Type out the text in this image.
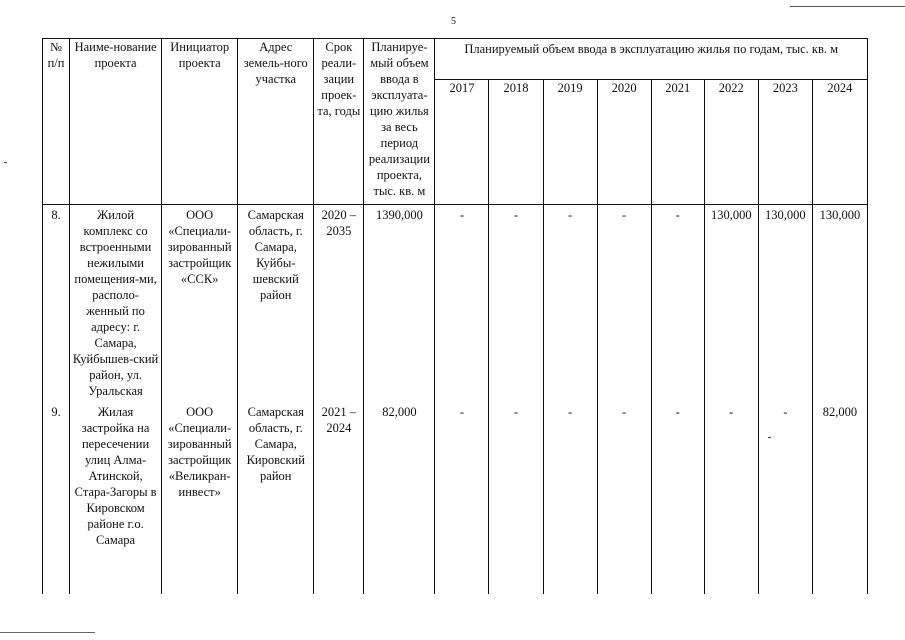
5
№ п/п	Наиме-нование проекта	Инициатор проекта	Адрес земель-ного участка	Срок реали-зации проек-та, годы	Планируе-мый объем ввода в эксплуата-цию жилья за весь период реализации проекта, тыс. кв. м	Планируемый объем ввода в эксплуатацию жилья по годам, тыс. кв. м							
						2017	2018	2019	2020	2021	2022	2023	2024
8.	Жилой комплекс со встроенными нежилыми помещения-ми, располо-женный по адресу: г. Самара, Куйбышев-ский район, ул. Уральская	ООО «Специали-зированный застройщик «ССК»	Самарская область, г. Самара, Куйбы-шевский район	2020 – 2035	1390,000	-	-	-	-	-	130,000	130,000	130,000
9.	Жилая застройка на пересечении улиц Алма-Атинской, Стара-Загоры в Кировском районе г.о. Самара	ООО «Специали-зированный застройщик «Великран-инвест»	Самарская область, г. Самара, Кировский район	2021 – 2024	82,000	-	-	-	-	-	-	-	82,000
